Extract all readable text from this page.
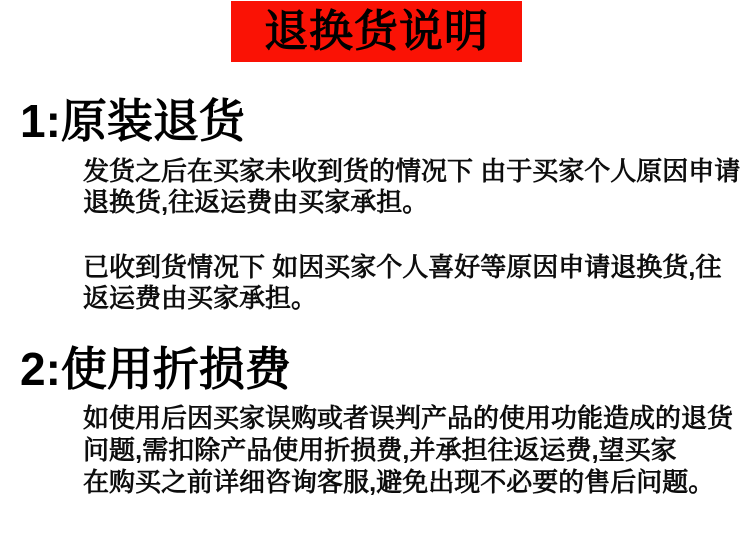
退换货说明
1:原装退货
发货之后在买家未收到货的情况下 由于买家个人原因申请
退换货,往返运费由买家承担。
已收到货情况下 如因买家个人喜好等原因申请退换货,往
返运费由买家承担。
2:使用折损费
如使用后因买家误购或者误判产品的使用功能造成的退货
问题,需扣除产品使用折损费,并承担往返运费,望买家
在购买之前详细咨询客服,避免出现不必要的售后问题。
